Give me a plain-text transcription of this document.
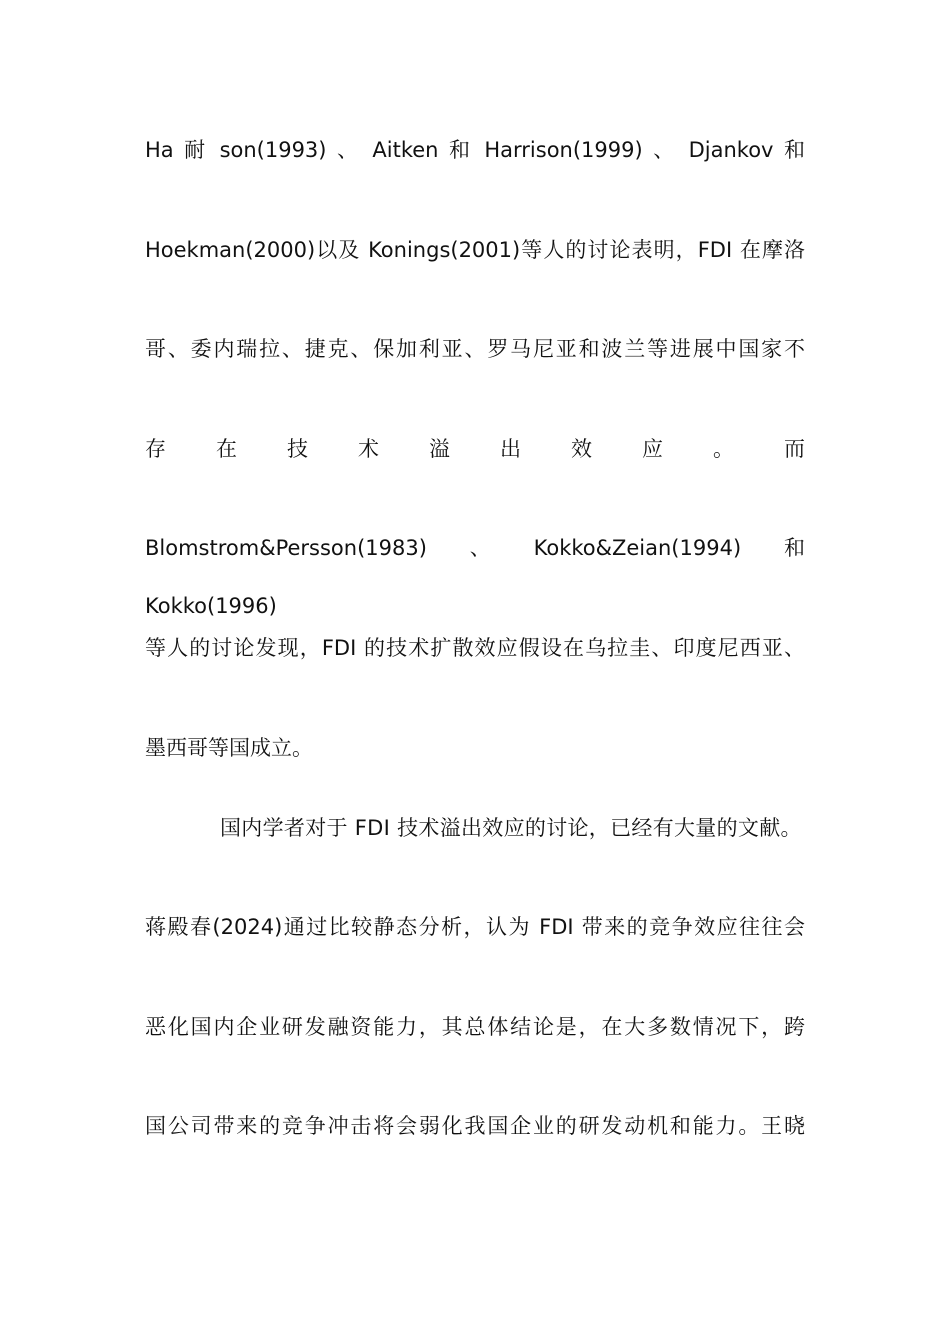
Ha 耐 son(1993) 、 Aitken 和 Harrison(1999) 、 Djankov 和
Hoekman(2000)以及 Konings(2001)等人的讨论表明，FDI 在摩洛
哥、委内瑞拉、捷克、保加利亚、罗马尼亚和波兰等进展中国家不
存 在 技 术 溢 出 效 应 。 而
Blomstrom&Persson(1983)、Kokko&Zeian(1994)和 Kokko(1996)
等人的讨论发现，FDI 的技术扩散效应假设在乌拉圭、印度尼西亚、
墨西哥等国成立。
国内学者对于 FDI 技术溢出效应的讨论，已经有大量的文献。
蒋殿春(2024)通过比较静态分析，认为 FDI 带来的竞争效应往往会
恶化国内企业研发融资能力，其总体结论是，在大多数情况下，跨
国公司带来的竞争冲击将会弱化我国企业的研发动机和能力。王晓
